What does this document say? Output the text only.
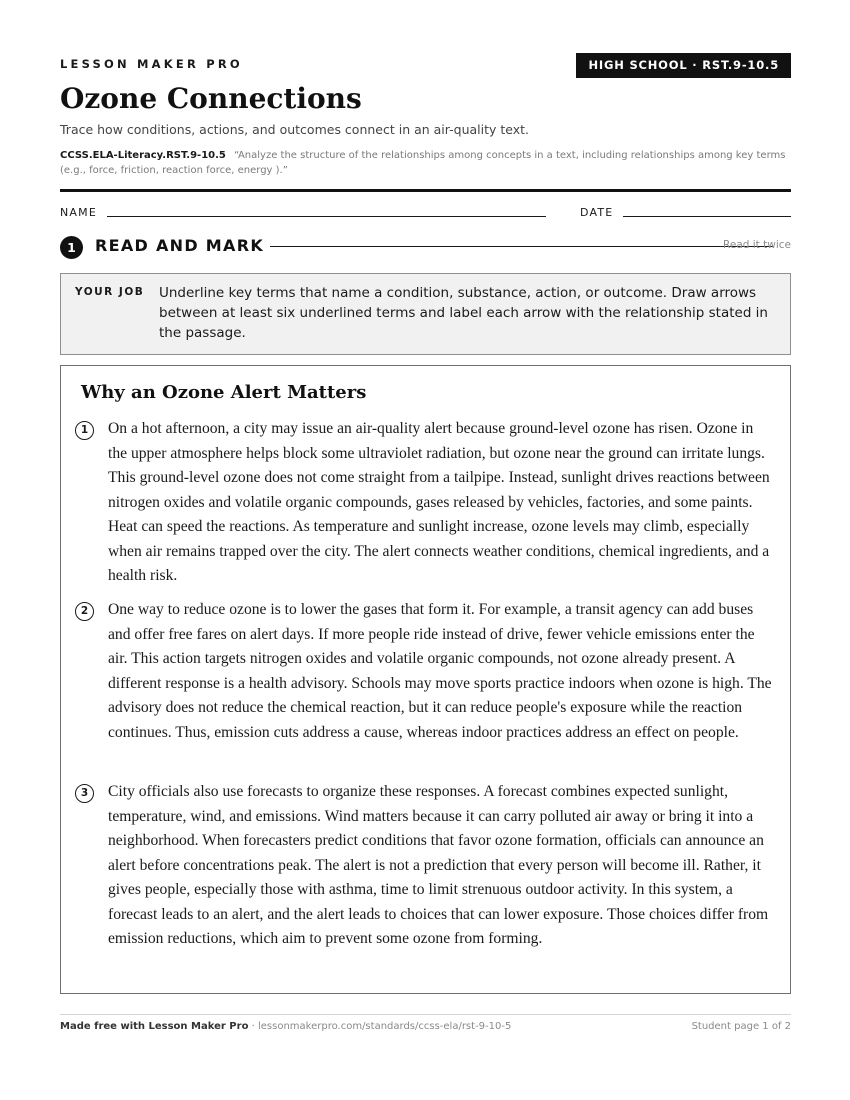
LESSON MAKER PRO	HIGH SCHOOL · RST.9-10.5
Ozone Connections
Trace how conditions, actions, and outcomes connect in an air-quality text.
CCSS.ELA-Literacy.RST.9-10.5 “Analyze the structure of the relationships among concepts in a text, including relationships among key terms (e.g., force, friction, reaction force, energy ).”
NAME	DATE
1	READ AND MARK	Read it twice
YOUR JOB Underline key terms that name a condition, substance, action, or outcome. Draw arrows between at least six underlined terms and label each arrow with the relationship stated in the passage.
Why an Ozone Alert Matters
1	On a hot afternoon, a city may issue an air-quality alert because ground-level ozone has risen. Ozone in the upper atmosphere helps block some ultraviolet radiation, but ozone near the ground can irritate lungs. This ground-level ozone does not come straight from a tailpipe. Instead, sunlight drives reactions between nitrogen oxides and volatile organic compounds, gases released by vehicles, factories, and some paints. Heat can speed the reactions. As temperature and sunlight increase, ozone levels may climb, especially when air remains trapped over the city. The alert connects weather conditions, chemical ingredients, and a health risk.

2	One way to reduce ozone is to lower the gases that form it. For example, a transit agency can add buses and offer free fares on alert days. If more people ride instead of drive, fewer vehicle emissions enter the air. This action targets nitrogen oxides and volatile organic compounds, not ozone already present. A different response is a health advisory. Schools may move sports practice indoors when ozone is high. The advisory does not reduce the chemical reaction, but it can reduce people's exposure while the reaction continues. Thus, emission cuts address a cause, whereas indoor practices address an effect on people.

3	City officials also use forecasts to organize these responses. A forecast combines expected sunlight, temperature, wind, and emissions. Wind matters because it can carry polluted air away or bring it into a neighborhood. When forecasters predict conditions that favor ozone formation, officials can announce an alert before concentrations peak. The alert is not a prediction that every person will become ill. Rather, it gives people, especially those with asthma, time to limit strenuous outdoor activity. In this system, a forecast leads to an alert, and the alert leads to choices that can lower exposure. Those choices differ from emission reductions, which aim to prevent some ozone from forming.

Made free with Lesson Maker Pro · lessonmakerpro.com/standards/ccss-ela/rst-9-10-5	Student page 1 of 2
